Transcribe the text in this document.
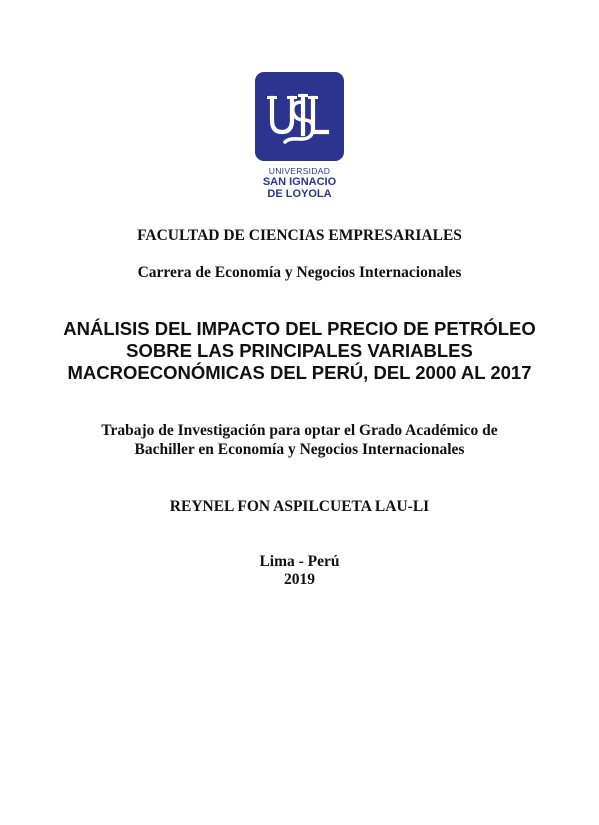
UNIVERSIDAD
SAN IGNACIO
DE LOYOLA
FACULTAD DE CIENCIAS EMPRESARIALES
Carrera de Economía y Negocios Internacionales
ANÁLISIS DEL IMPACTO DEL PRECIO DE PETRÓLEO
SOBRE LAS PRINCIPALES VARIABLES
MACROECONÓMICAS DEL PERÚ, DEL 2000 AL 2017
Trabajo de Investigación para optar el Grado Académico de
Bachiller en Economía y Negocios Internacionales
REYNEL FON ASPILCUETA LAU-LI
Lima - Perú
2019
